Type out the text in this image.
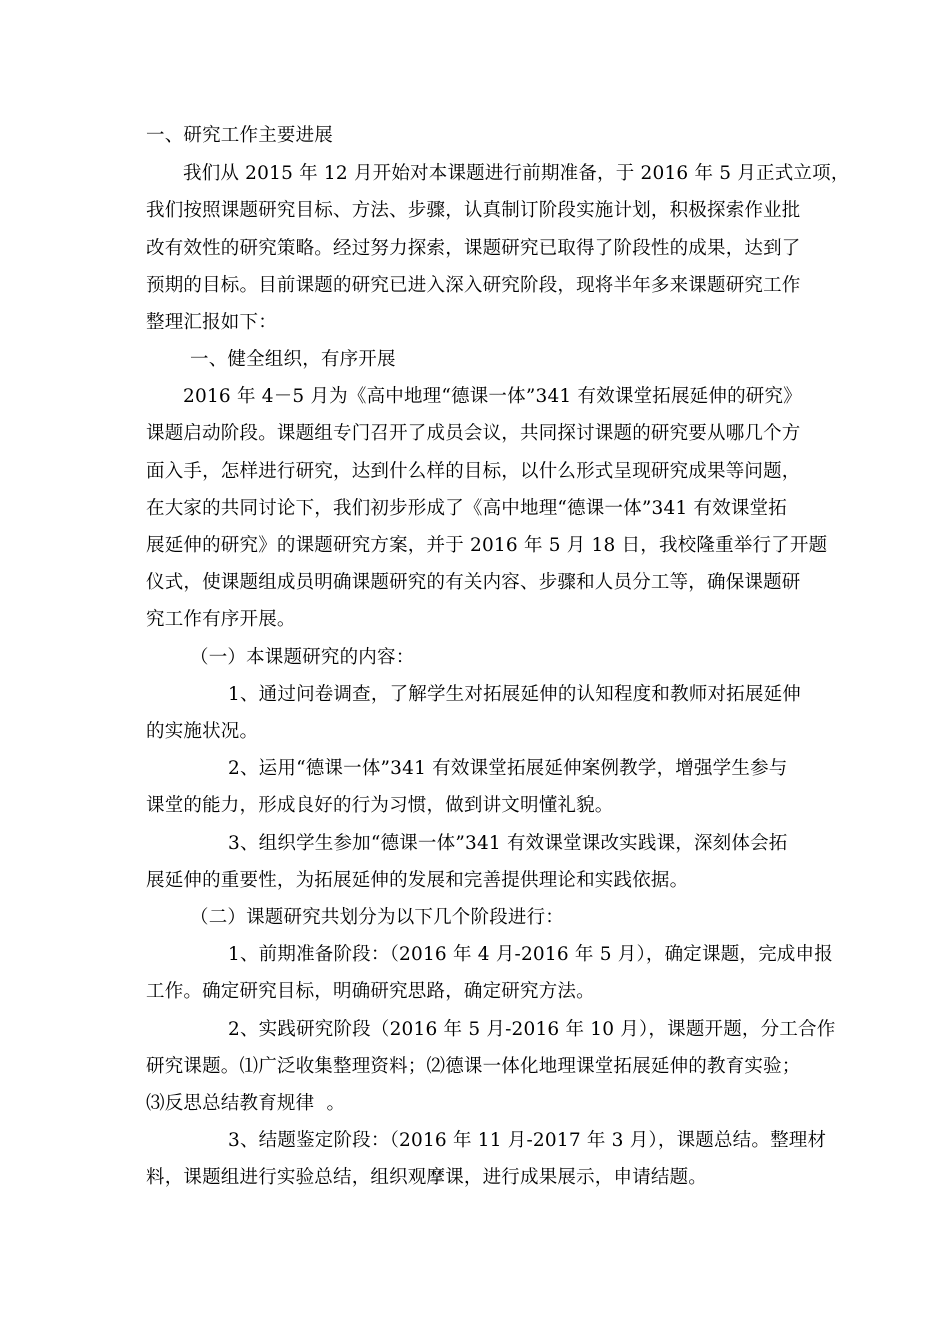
一、研究工作主要进展
我们从 2015 年 12 月开始对本课题进行前期准备，于 2016 年 5 月正式立项，
我们按照课题研究目标、方法、步骤，认真制订阶段实施计划，积极探索作业批
改有效性的研究策略。经过努力探索，课题研究已取得了阶段性的成果，达到了
预期的目标。目前课题的研究已进入深入研究阶段，现将半年多来课题研究工作
整理汇报如下：
一、健全组织，有序开展
2016 年 4－5 月为《高中地理“德课一体”341 有效课堂拓展延伸的研究》
课题启动阶段。课题组专门召开了成员会议，共同探讨课题的研究要从哪几个方
面入手，怎样进行研究，达到什么样的目标，以什么形式呈现研究成果等问题，
在大家的共同讨论下，我们初步形成了《高中地理“德课一体”341 有效课堂拓
展延伸的研究》的课题研究方案，并于 2016 年 5 月 18 日，我校隆重举行了开题
仪式，使课题组成员明确课题研究的有关内容、步骤和人员分工等，确保课题研
究工作有序开展。
（一）本课题研究的内容：
1、通过问卷调查，了解学生对拓展延伸的认知程度和教师对拓展延伸
的实施状况。
2、运用“德课一体”341 有效课堂拓展延伸案例教学，增强学生参与
课堂的能力，形成良好的行为习惯，做到讲文明懂礼貌。
3、组织学生参加“德课一体”341 有效课堂课改实践课，深刻体会拓
展延伸的重要性，为拓展延伸的发展和完善提供理论和实践依据。
（二）课题研究共划分为以下几个阶段进行：
1、前期准备阶段：（2016 年 4 月-2016 年 5 月），确定课题，完成申报
工作。确定研究目标，明确研究思路，确定研究方法。
2、实践研究阶段（2016 年 5 月-2016 年 10 月），课题开题，分工合作
研究课题。⑴广泛收集整理资料；⑵德课一体化地理课堂拓展延伸的教育实验；
⑶反思总结教育规律  。
3、结题鉴定阶段：（2016 年 11 月-2017 年 3 月），课题总结。整理材
料，课题组进行实验总结，组织观摩课，进行成果展示，申请结题。
